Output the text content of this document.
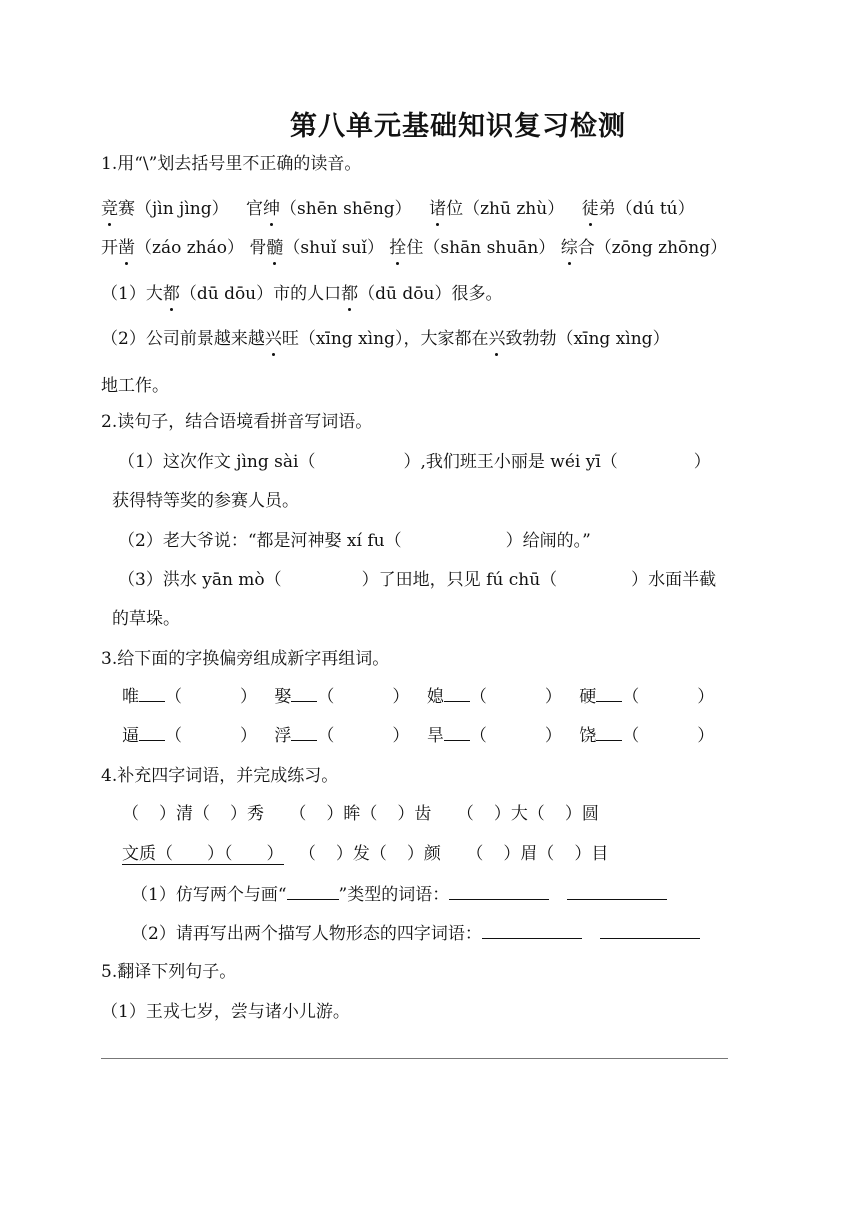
第八单元基础知识复习检测
1.用“\”划去括号里不正确的读音。
竞赛（jìn jìng） 官绅（shēn shēng） 诸位（zhū zhù） 徒弟（dú tú）
开凿（záo zháo） 骨髓（shuǐ suǐ） 拴住（shān shuān） 综合（zōng zhōng）
（1）大都（dū dōu）市的人口都（dū dōu）很多。
（2）公司前景越来越兴旺（xīng xìng），大家都在兴致勃勃（xīng xìng）
地工作。
2.读句子，结合语境看拼音写词语。
（1）这次作文 jìng sài（	）,我们班王小丽是 wéi yī（	）
获得特等奖的参赛人员。
（2）老大爷说：“都是河神娶 xí fu（	）给闹的。”
（3）洪水 yān mò（	）了田地，只见 fú chū（	）水面半截
的草垛。
3.给下面的字换偏旁组成新字再组词。
唯 （	） 娶 （	） 媳 （	） 硬 （	）
逼 （	） 浮 （	） 旱 （	） 饶 （	）
4.补充四字词语，并完成练习。
（ ）清（ ）秀 （ ）眸（ ）齿 （ ）大（ ）圆
文质（　　）（　　） （ ）发（ ）颜 （ ）眉（ ）目
（1）仿写两个与画“	”类型的词语：
（2）请再写出两个描写人物形态的四字词语：
5.翻译下列句子。
（1）王戎七岁，尝与诸小儿游。
